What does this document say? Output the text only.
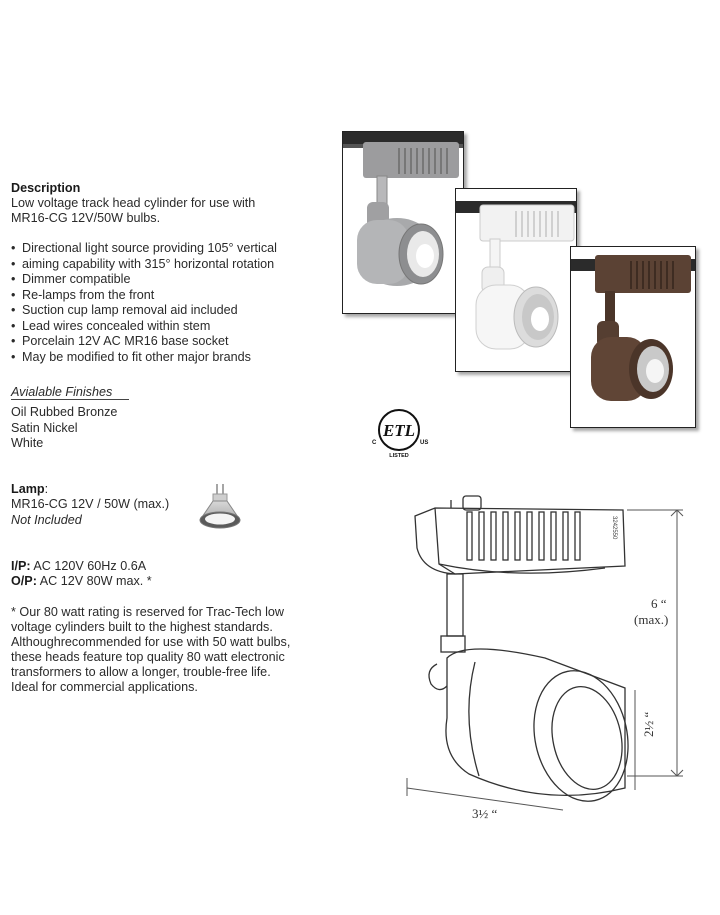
Description
Low voltage track head cylinder for use with
MR16-CG 12V/50W bulbs.
• Directional light source providing 105° vertical
• aiming capability with 315° horizontal rotation
• Dimmer compatible
• Re-lamps from the front
• Suction cup lamp removal aid included
• Lead wires concealed within stem
• Porcelain 12V AC MR16 base socket
• May be modified to fit other major brands
Avialable Finishes
Oil Rubbed Bronze
Satin Nickel
White
Lamp:
MR16-CG 12V / 50W (max.)
Not Included
I/P: AC 120V 60Hz 0.6A
O/P: AC 12V 80W max. *
* Our 80 watt rating is reserved for Trac-Tech low
voltage cylinders built to the highest standards.
Althoughrecommended for use with 50 watt bulbs,
these heads feature top quality 80 watt electronic
transformers to allow a longer, trouble-free life.
Ideal for commercial applications.
ETL
C	US
LISTED
3242550
6 “
(max.)
2½ “
3½ “
